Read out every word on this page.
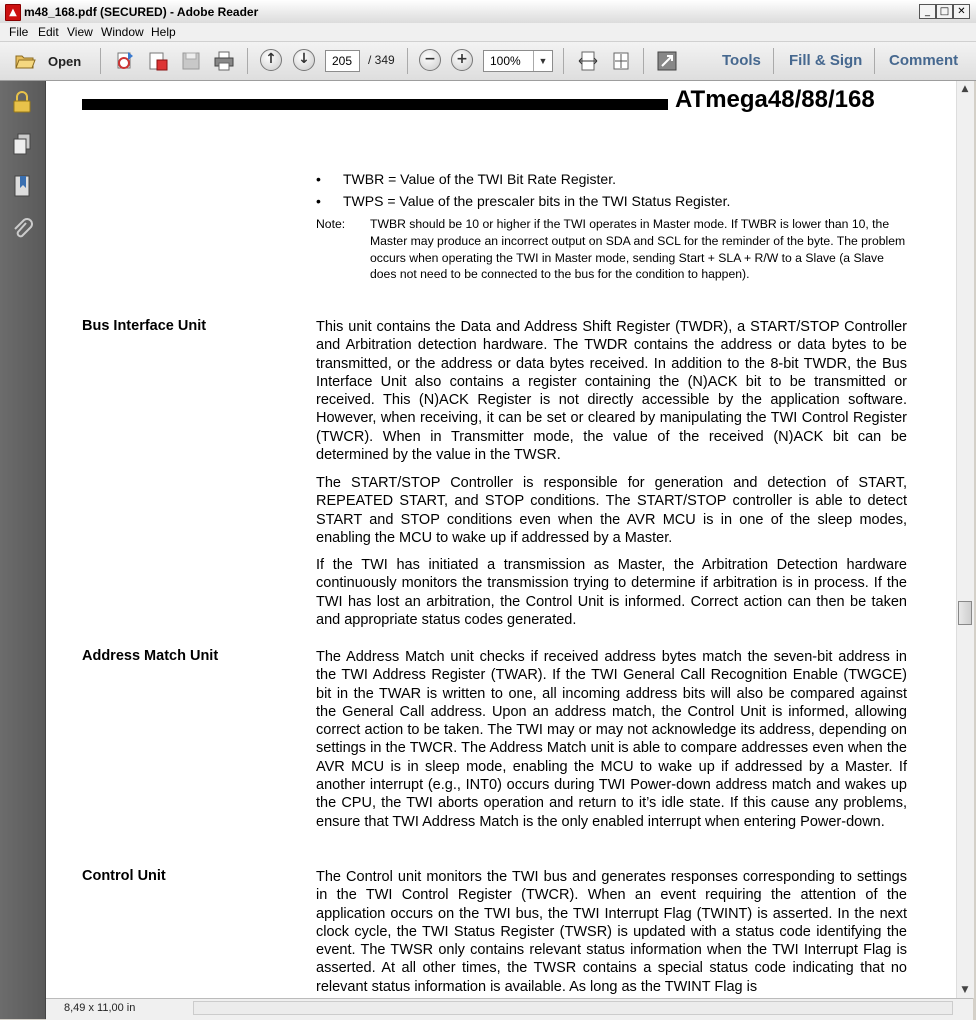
▲ m48_168.pdf (SECURED) - Adobe Reader	_ □ ✕
File Edit View Window Help
Open	↑	↓	205	/ 349	−	+	100%	▼	Tools Fill & Sign Comment
ATmega48/88/168
• TWBR = Value of the TWI Bit Rate Register.
• TWPS = Value of the prescaler bits in the TWI Status Register.
Note: TWBR should be 10 or higher if the TWI operates in Master mode. If TWBR is lower than 10, the Master may produce an incorrect output on SDA and SCL for the reminder of the byte. The problem occurs when operating the TWI in Master mode, sending Start + SLA + R/W to a Slave (a Slave does not need to be connected to the bus for the condition to happen).
Bus Interface Unit	This unit contains the Data and Address Shift Register (TWDR), a START/STOP Controller and Arbitration detection hardware. The TWDR contains the address or data bytes to be transmitted, or the address or data bytes received. In addition to the 8-bit TWDR, the Bus Interface Unit also contains a register containing the (N)ACK bit to be transmitted or received. This (N)ACK Register is not directly accessible by the application software. However, when receiving, it can be set or cleared by manipulating the TWI Control Register (TWCR). When in Transmitter mode, the value of the received (N)ACK bit can be determined by the value in the TWSR.
The START/STOP Controller is responsible for generation and detection of START, REPEATED START, and STOP conditions. The START/STOP controller is able to detect START and STOP conditions even when the AVR MCU is in one of the sleep modes, enabling the MCU to wake up if addressed by a Master.
If the TWI has initiated a transmission as Master, the Arbitration Detection hardware continuously monitors the transmission trying to determine if arbitration is in process. If the TWI has lost an arbitration, the Control Unit is informed. Correct action can then be taken and appropriate status codes generated.
Address Match Unit	The Address Match unit checks if received address bytes match the seven-bit address in the TWI Address Register (TWAR). If the TWI General Call Recognition Enable (TWGCE) bit in the TWAR is written to one, all incoming address bits will also be compared against the General Call address. Upon an address match, the Control Unit is informed, allowing correct action to be taken. The TWI may or may not acknowledge its address, depending on settings in the TWCR. The Address Match unit is able to compare addresses even when the AVR MCU is in sleep mode, enabling the MCU to wake up if addressed by a Master. If another interrupt (e.g., INT0) occurs during TWI Power-down address match and wakes up the CPU, the TWI aborts operation and return to it’s idle state. If this cause any problems, ensure that TWI Address Match is the only enabled interrupt when entering Power-down.
Control Unit	The Control unit monitors the TWI bus and generates responses corresponding to settings in the TWI Control Register (TWCR). When an event requiring the attention of the application occurs on the TWI bus, the TWI Interrupt Flag (TWINT) is asserted. In the next clock cycle, the TWI Status Register (TWSR) is updated with a status code identifying the event. The TWSR only contains relevant status information when the TWI Interrupt Flag is asserted. At all other times, the TWSR contains a special status code indicating that no relevant status information is available. As long as the TWINT Flag is
▲
▼
8,49 x 11,00 in
